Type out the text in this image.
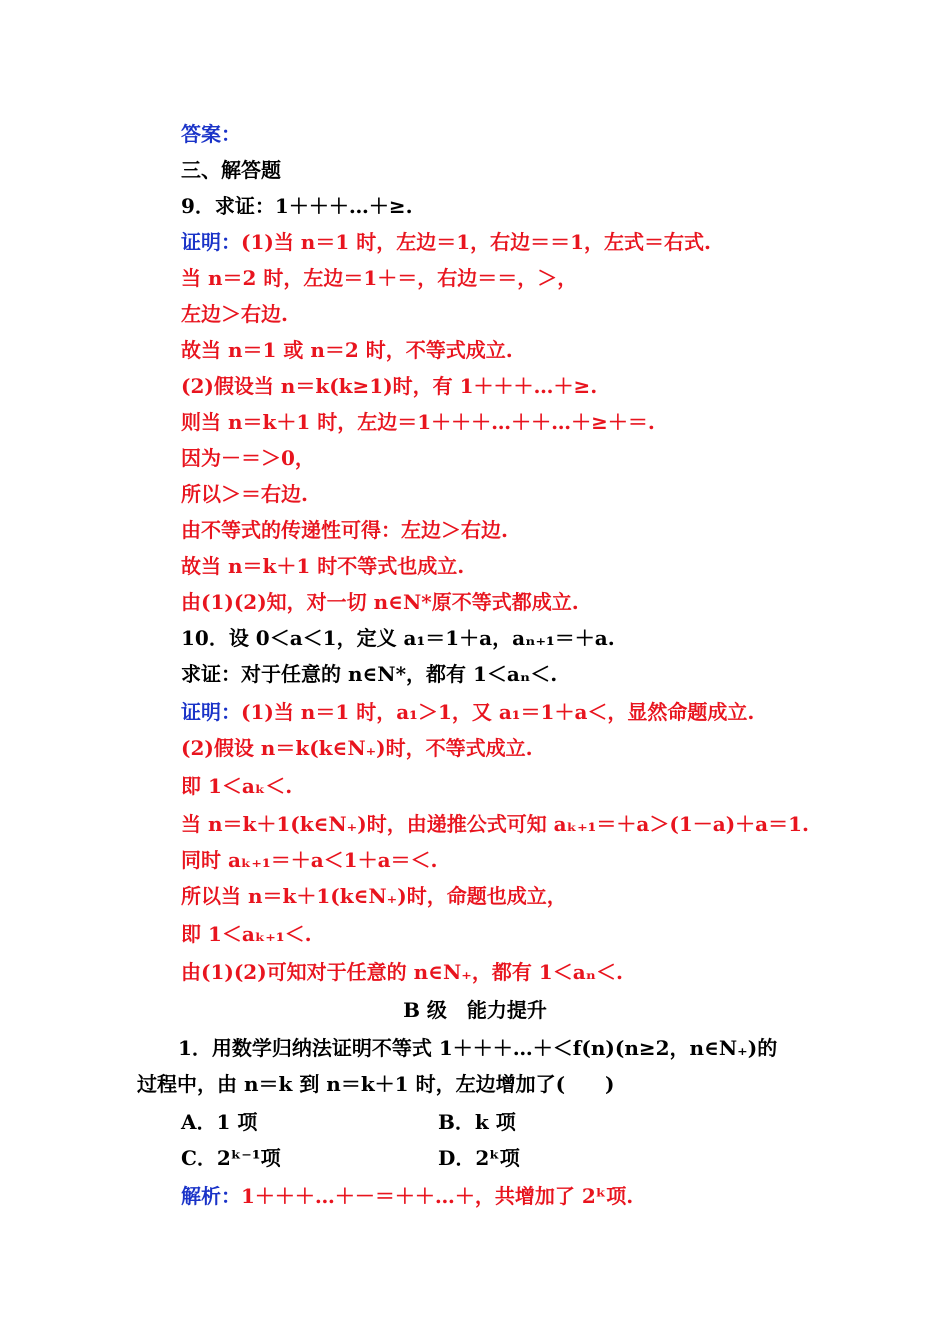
答案：
三、解答题
9．求证：1＋＋＋…＋≥.
证明：(1)当 n＝1 时，左边＝1，右边＝＝1，左式＝右式.
当 n＝2 时，左边＝1＋＝，右边＝＝，＞，
左边＞右边.
故当 n＝1 或 n＝2 时，不等式成立.
(2)假设当 n＝k(k≥1)时，有 1＋＋＋…＋≥.
则当 n＝k＋1 时，左边＝1＋＋＋…＋＋…＋≥＋＝.
因为－＝＞0，
所以＞＝右边.
由不等式的传递性可得：左边＞右边.
故当 n＝k＋1 时不等式也成立.
由(1)(2)知，对一切 n∈N*原不等式都成立.
10．设 0＜a＜1，定义 a₁＝1＋a，aₙ₊₁＝＋a.
求证：对于任意的 n∈N*，都有 1＜aₙ＜.
证明：(1)当 n＝1 时，a₁＞1，又 a₁＝1＋a＜，显然命题成立.
(2)假设 n＝k(k∈N₊)时，不等式成立.
即 1＜aₖ＜.
当 n＝k＋1(k∈N₊)时，由递推公式可知 aₖ₊₁＝＋a＞(1－a)＋a＝1.
同时 aₖ₊₁＝＋a＜1＋a＝＜.
所以当 n＝k＋1(k∈N₊)时，命题也成立，
即 1＜aₖ₊₁＜.
由(1)(2)可知对于任意的 n∈N₊，都有 1＜aₙ＜.
B 级　能力提升
　1．用数学归纳法证明不等式 1＋＋＋…＋＜f(n)(n≥2，n∈N₊)的
过程中，由 n＝k 到 n＝k＋1 时，左边增加了(　　)
A．1 项	B．k 项
C．2ᵏ⁻¹项	D．2ᵏ项
解析：1＋＋＋…＋－＝＋＋…＋，共增加了 2ᵏ项.
